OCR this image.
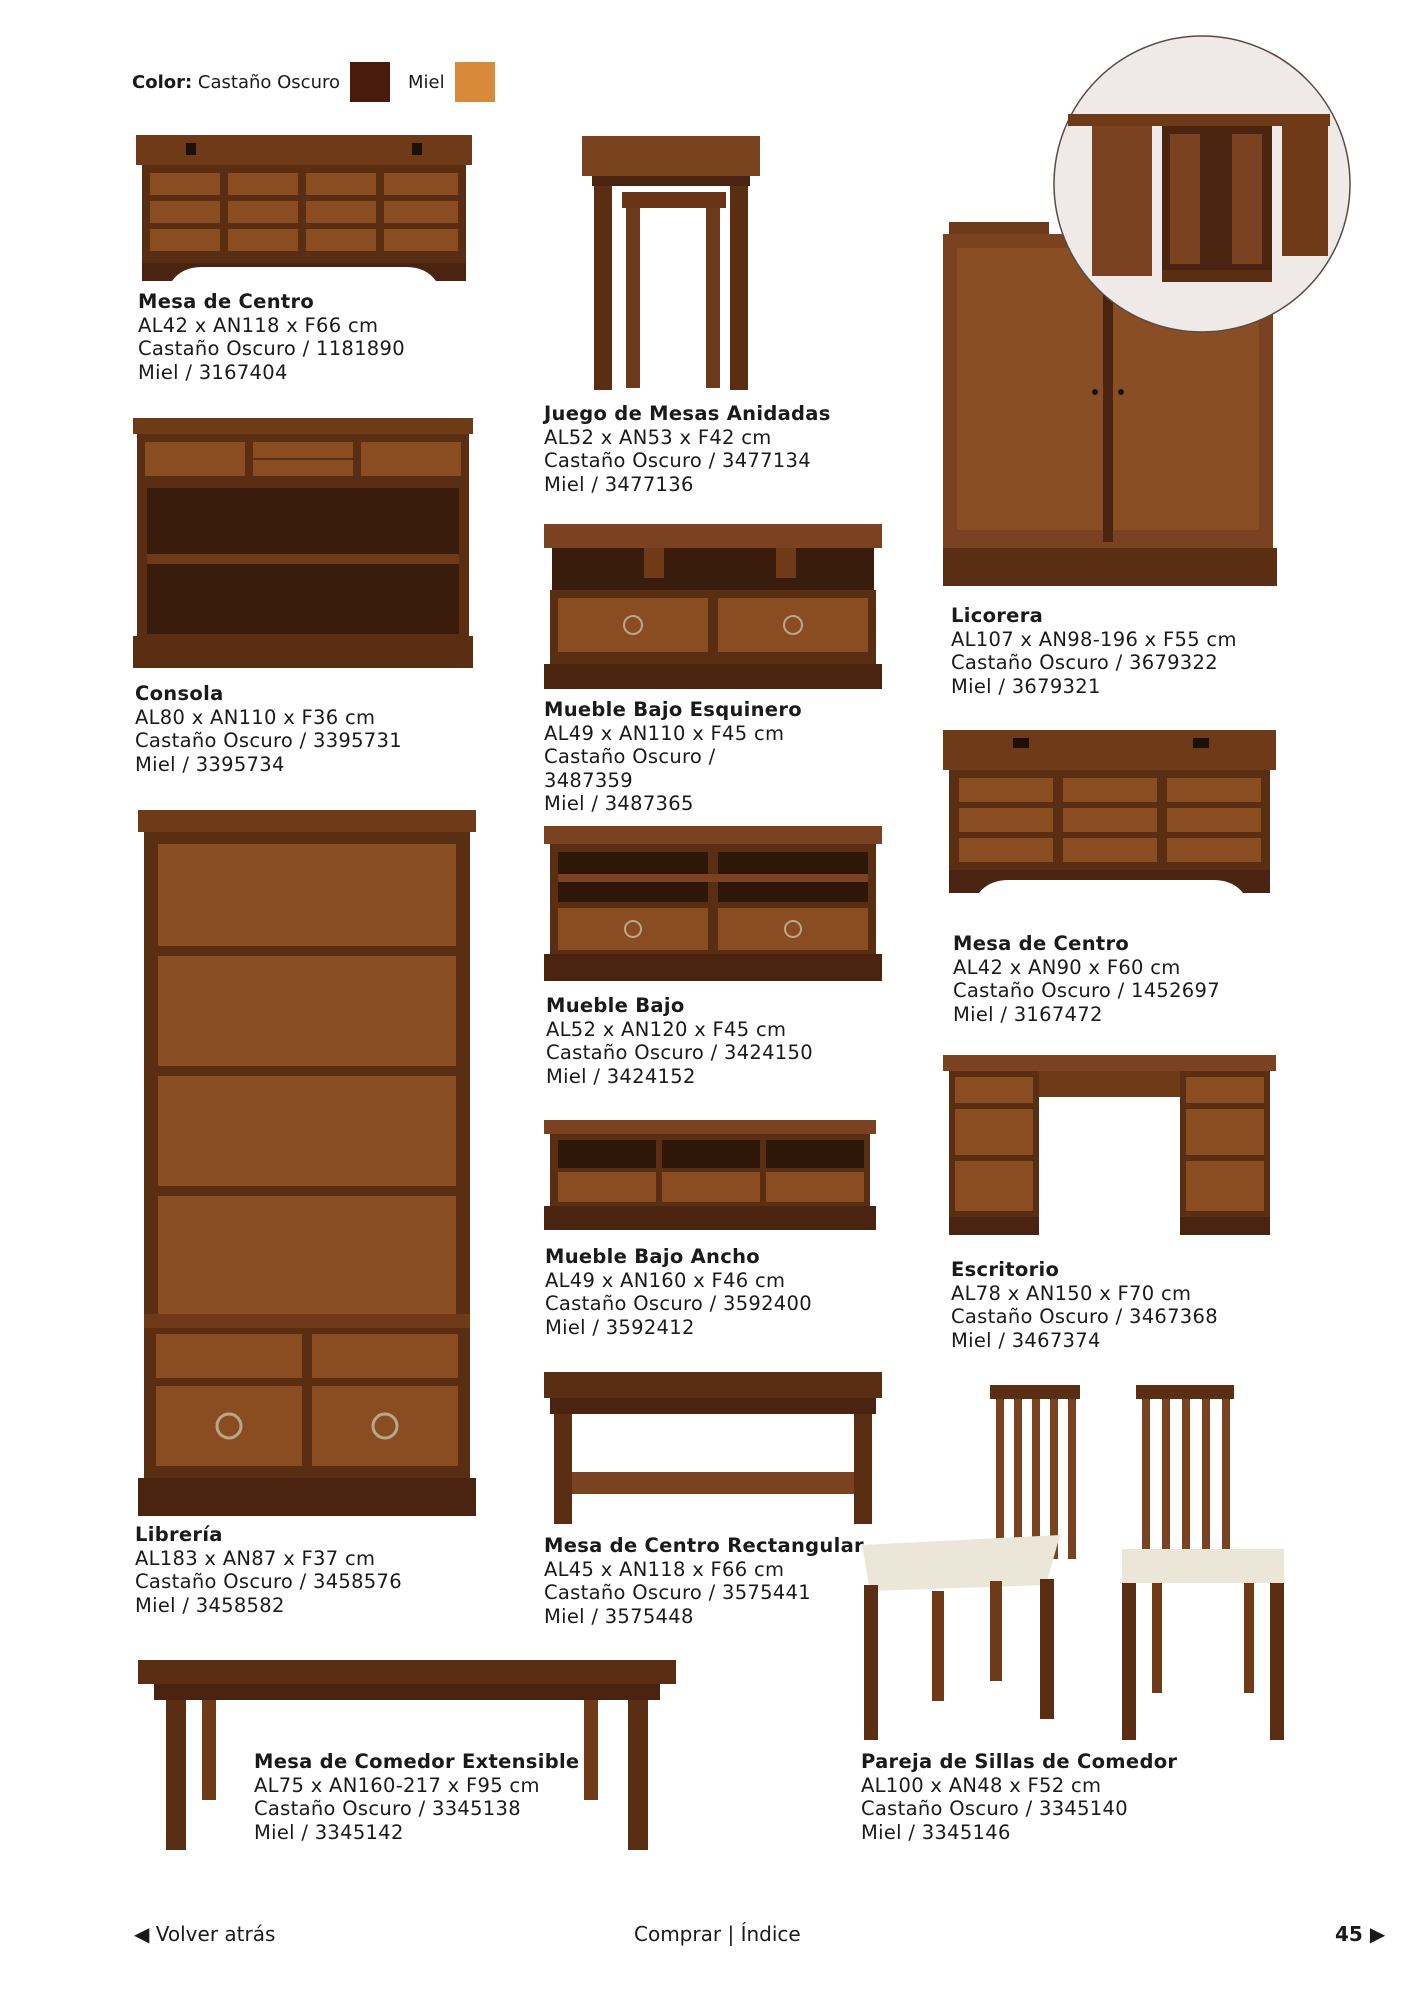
Color:
Castaño Oscuro	Miel
Mesa de Centro
AL42 x AN118 x F66 cm
Castaño Oscuro / 1181890
Miel / 3167404
Juego de Mesas Anidadas
AL52 x AN53 x F42 cm
Castaño Oscuro / 3477134
Miel / 3477136
Licorera
AL107 x AN98-196 x F55 cm
Castaño Oscuro / 3679322
Miel / 3679321
Consola
AL80 x AN110 x F36 cm
Castaño Oscuro / 3395731
Miel / 3395734
Mueble Bajo Esquinero
AL49 x AN110 x F45 cm
Castaño Oscuro /
3487359
Miel / 3487365
Mesa de Centro
AL42 x AN90 x F60 cm
Castaño Oscuro / 1452697
Miel / 3167472
Mueble Bajo
AL52 x AN120 x F45 cm
Castaño Oscuro / 3424150
Miel / 3424152
Mueble Bajo Ancho
AL49 x AN160 x F46 cm
Castaño Oscuro / 3592400
Miel / 3592412
Escritorio
AL78 x AN150 x F70 cm
Castaño Oscuro / 3467368
Miel / 3467374
Librería
AL183 x AN87 x F37 cm
Castaño Oscuro / 3458576
Miel / 3458582
Mesa de Centro Rectangular
AL45 x AN118 x F66 cm
Castaño Oscuro / 3575441
Miel / 3575448
Mesa de Comedor Extensible
AL75 x AN160-217 x F95 cm
Castaño Oscuro / 3345138
Miel / 3345142
Pareja de Sillas de Comedor
AL100 x AN48 x F52 cm
Castaño Oscuro / 3345140
Miel / 3345146
◀ Volver atrás	Comprar | Índice	45 ▶
